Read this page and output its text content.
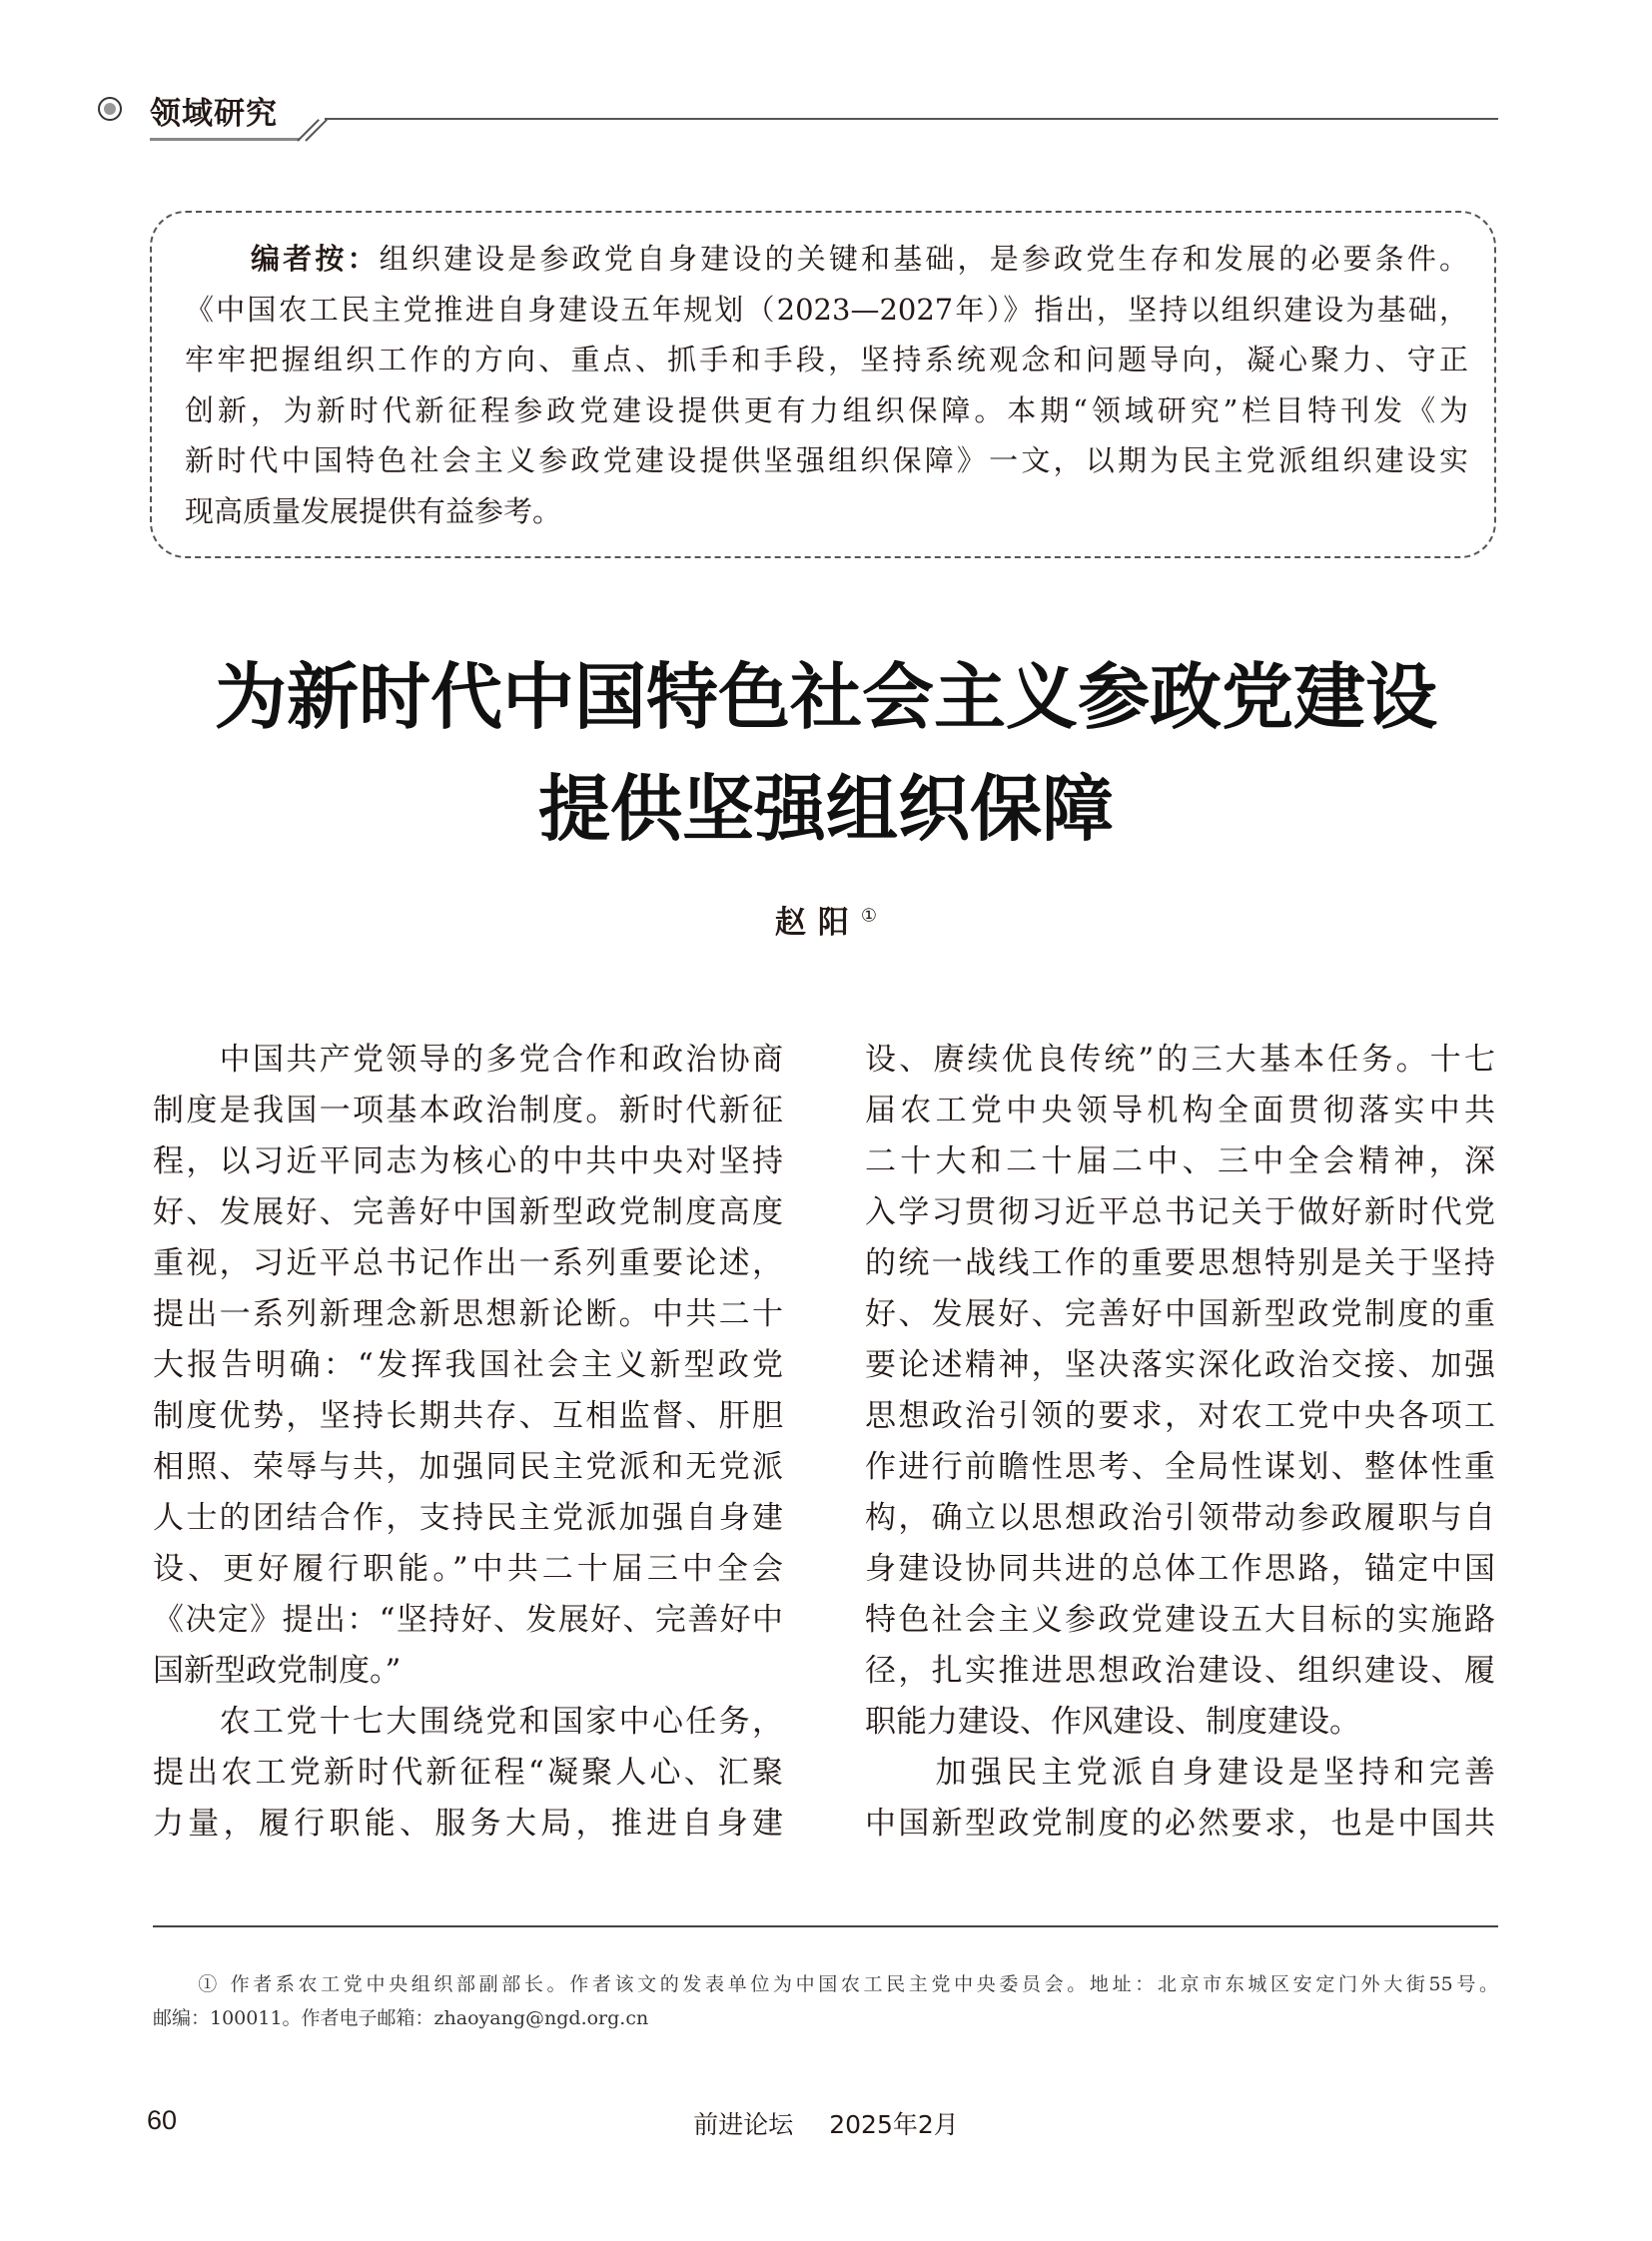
领域研究
编者按：组织建设是参政党自身建设的关键和基础，是参政党生存和发展的必要条件。
《中国农工民主党推进自身建设五年规划（2023—2027年）》指出，坚持以组织建设为基础，
牢牢把握组织工作的方向、重点、抓手和手段，坚持系统观念和问题导向，凝心聚力、守正
创新，为新时代新征程参政党建设提供更有力组织保障。本期“领域研究”栏目特刊发《为
新时代中国特色社会主义参政党建设提供坚强组织保障》一文，以期为民主党派组织建设实
现高质量发展提供有益参考。
为新时代中国特色社会主义参政党建设
提供坚强组织保障
赵阳①
　　中国共产党领导的多党合作和政治协商
制度是我国一项基本政治制度。新时代新征
程，以习近平同志为核心的中共中央对坚持
好、发展好、完善好中国新型政党制度高度
重视，习近平总书记作出一系列重要论述，
提出一系列新理念新思想新论断。中共二十
大报告明确：“发挥我国社会主义新型政党
制度优势，坚持长期共存、互相监督、肝胆
相照、荣辱与共，加强同民主党派和无党派
人士的团结合作，支持民主党派加强自身建
设、更好履行职能。”中共二十届三中全会
《决定》提出：“坚持好、发展好、完善好中
国新型政党制度。”
　　农工党十七大围绕党和国家中心任务，
提出农工党新时代新征程“凝聚人心、汇聚
力量，履行职能、服务大局，推进自身建
设、赓续优良传统”的三大基本任务。十七
届农工党中央领导机构全面贯彻落实中共
二十大和二十届二中、三中全会精神，深
入学习贯彻习近平总书记关于做好新时代党
的统一战线工作的重要思想特别是关于坚持
好、发展好、完善好中国新型政党制度的重
要论述精神，坚决落实深化政治交接、加强
思想政治引领的要求，对农工党中央各项工
作进行前瞻性思考、全局性谋划、整体性重
构，确立以思想政治引领带动参政履职与自
身建设协同共进的总体工作思路，锚定中国
特色社会主义参政党建设五大目标的实施路
径，扎实推进思想政治建设、组织建设、履
职能力建设、作风建设、制度建设。
　　加强民主党派自身建设是坚持和完善
中国新型政党制度的必然要求，也是中国共
　　① 作者系农工党中央组织部副部长。作者该文的发表单位为中国农工民主党中央委员会。地址：北京市东城区安定门外大街55号。
邮编：100011。作者电子邮箱：zhaoyang@ngd.org.cn
60	前进论坛 2025年2月
